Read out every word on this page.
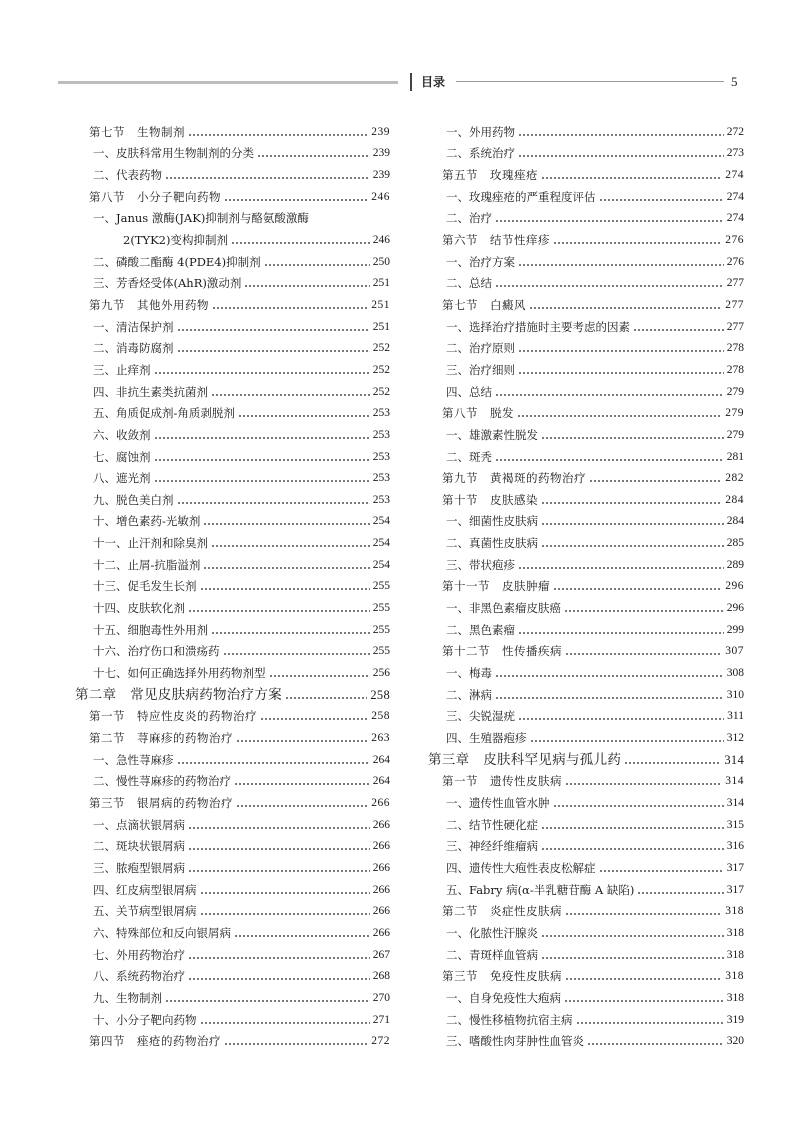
目录	5
第七节　生物制剂	239
一、皮肤科常用生物制剂的分类	239
二、代表药物	239
第八节　小分子靶向药物	246
一、Janus 激酶(JAK)抑制剂与酪氨酸激酶
2(TYK2)变构抑制剂	246
二、磷酸二酯酶 4(PDE4)抑制剂	250
三、芳香烃受体(AhR)激动剂	251
第九节　其他外用药物	251
一、清洁保护剂	251
二、消毒防腐剂	252
三、止痒剂	252
四、非抗生素类抗菌剂	252
五、角质促成剂-角质剥脱剂	253
六、收敛剂	253
七、腐蚀剂	253
八、遮光剂	253
九、脱色美白剂	253
十、增色素药-光敏剂	254
十一、止汗剂和除臭剂	254
十二、止屑-抗脂溢剂	254
十三、促毛发生长剂	255
十四、皮肤软化剂	255
十五、细胞毒性外用剂	255
十六、治疗伤口和溃疡药	255
十七、如何正确选择外用药物剂型	256
第二章　常见皮肤病药物治疗方案	258
第一节　特应性皮炎的药物治疗	258
第二节　荨麻疹的药物治疗	263
一、急性荨麻疹	264
二、慢性荨麻疹的药物治疗	264
第三节　银屑病的药物治疗	266
一、点滴状银屑病	266
二、斑块状银屑病	266
三、脓疱型银屑病	266
四、红皮病型银屑病	266
五、关节病型银屑病	266
六、特殊部位和反向银屑病	266
七、外用药物治疗	267
八、系统药物治疗	268
九、生物制剂	270
十、小分子靶向药物	271
第四节　痤疮的药物治疗	272
一、外用药物	272
二、系统治疗	273
第五节　玫瑰痤疮	274
一、玫瑰痤疮的严重程度评估	274
二、治疗	274
第六节　结节性痒疹	276
一、治疗方案	276
二、总结	277
第七节　白癜风	277
一、选择治疗措施时主要考虑的因素	277
二、治疗原则	278
三、治疗细则	278
四、总结	279
第八节　脱发	279
一、雄激素性脱发	279
二、斑秃	281
第九节　黄褐斑的药物治疗	282
第十节　皮肤感染	284
一、细菌性皮肤病	284
二、真菌性皮肤病	285
三、带状疱疹	289
第十一节　皮肤肿瘤	296
一、非黑色素瘤皮肤癌	296
二、黑色素瘤	299
第十二节　性传播疾病	307
一、梅毒	308
二、淋病	310
三、尖锐湿疣	311
四、生殖器疱疹	312
第三章　皮肤科罕见病与孤儿药	314
第一节　遗传性皮肤病	314
一、遗传性血管水肿	314
二、结节性硬化症	315
三、神经纤维瘤病	316
四、遗传性大疱性表皮松解症	317
五、Fabry 病(α-半乳糖苷酶 A 缺陷)	317
第二节　炎症性皮肤病	318
一、化脓性汗腺炎	318
二、青斑样血管病	318
第三节　免疫性皮肤病	318
一、自身免疫性大疱病	318
二、慢性移植物抗宿主病	319
三、嗜酸性肉芽肿性血管炎	320
